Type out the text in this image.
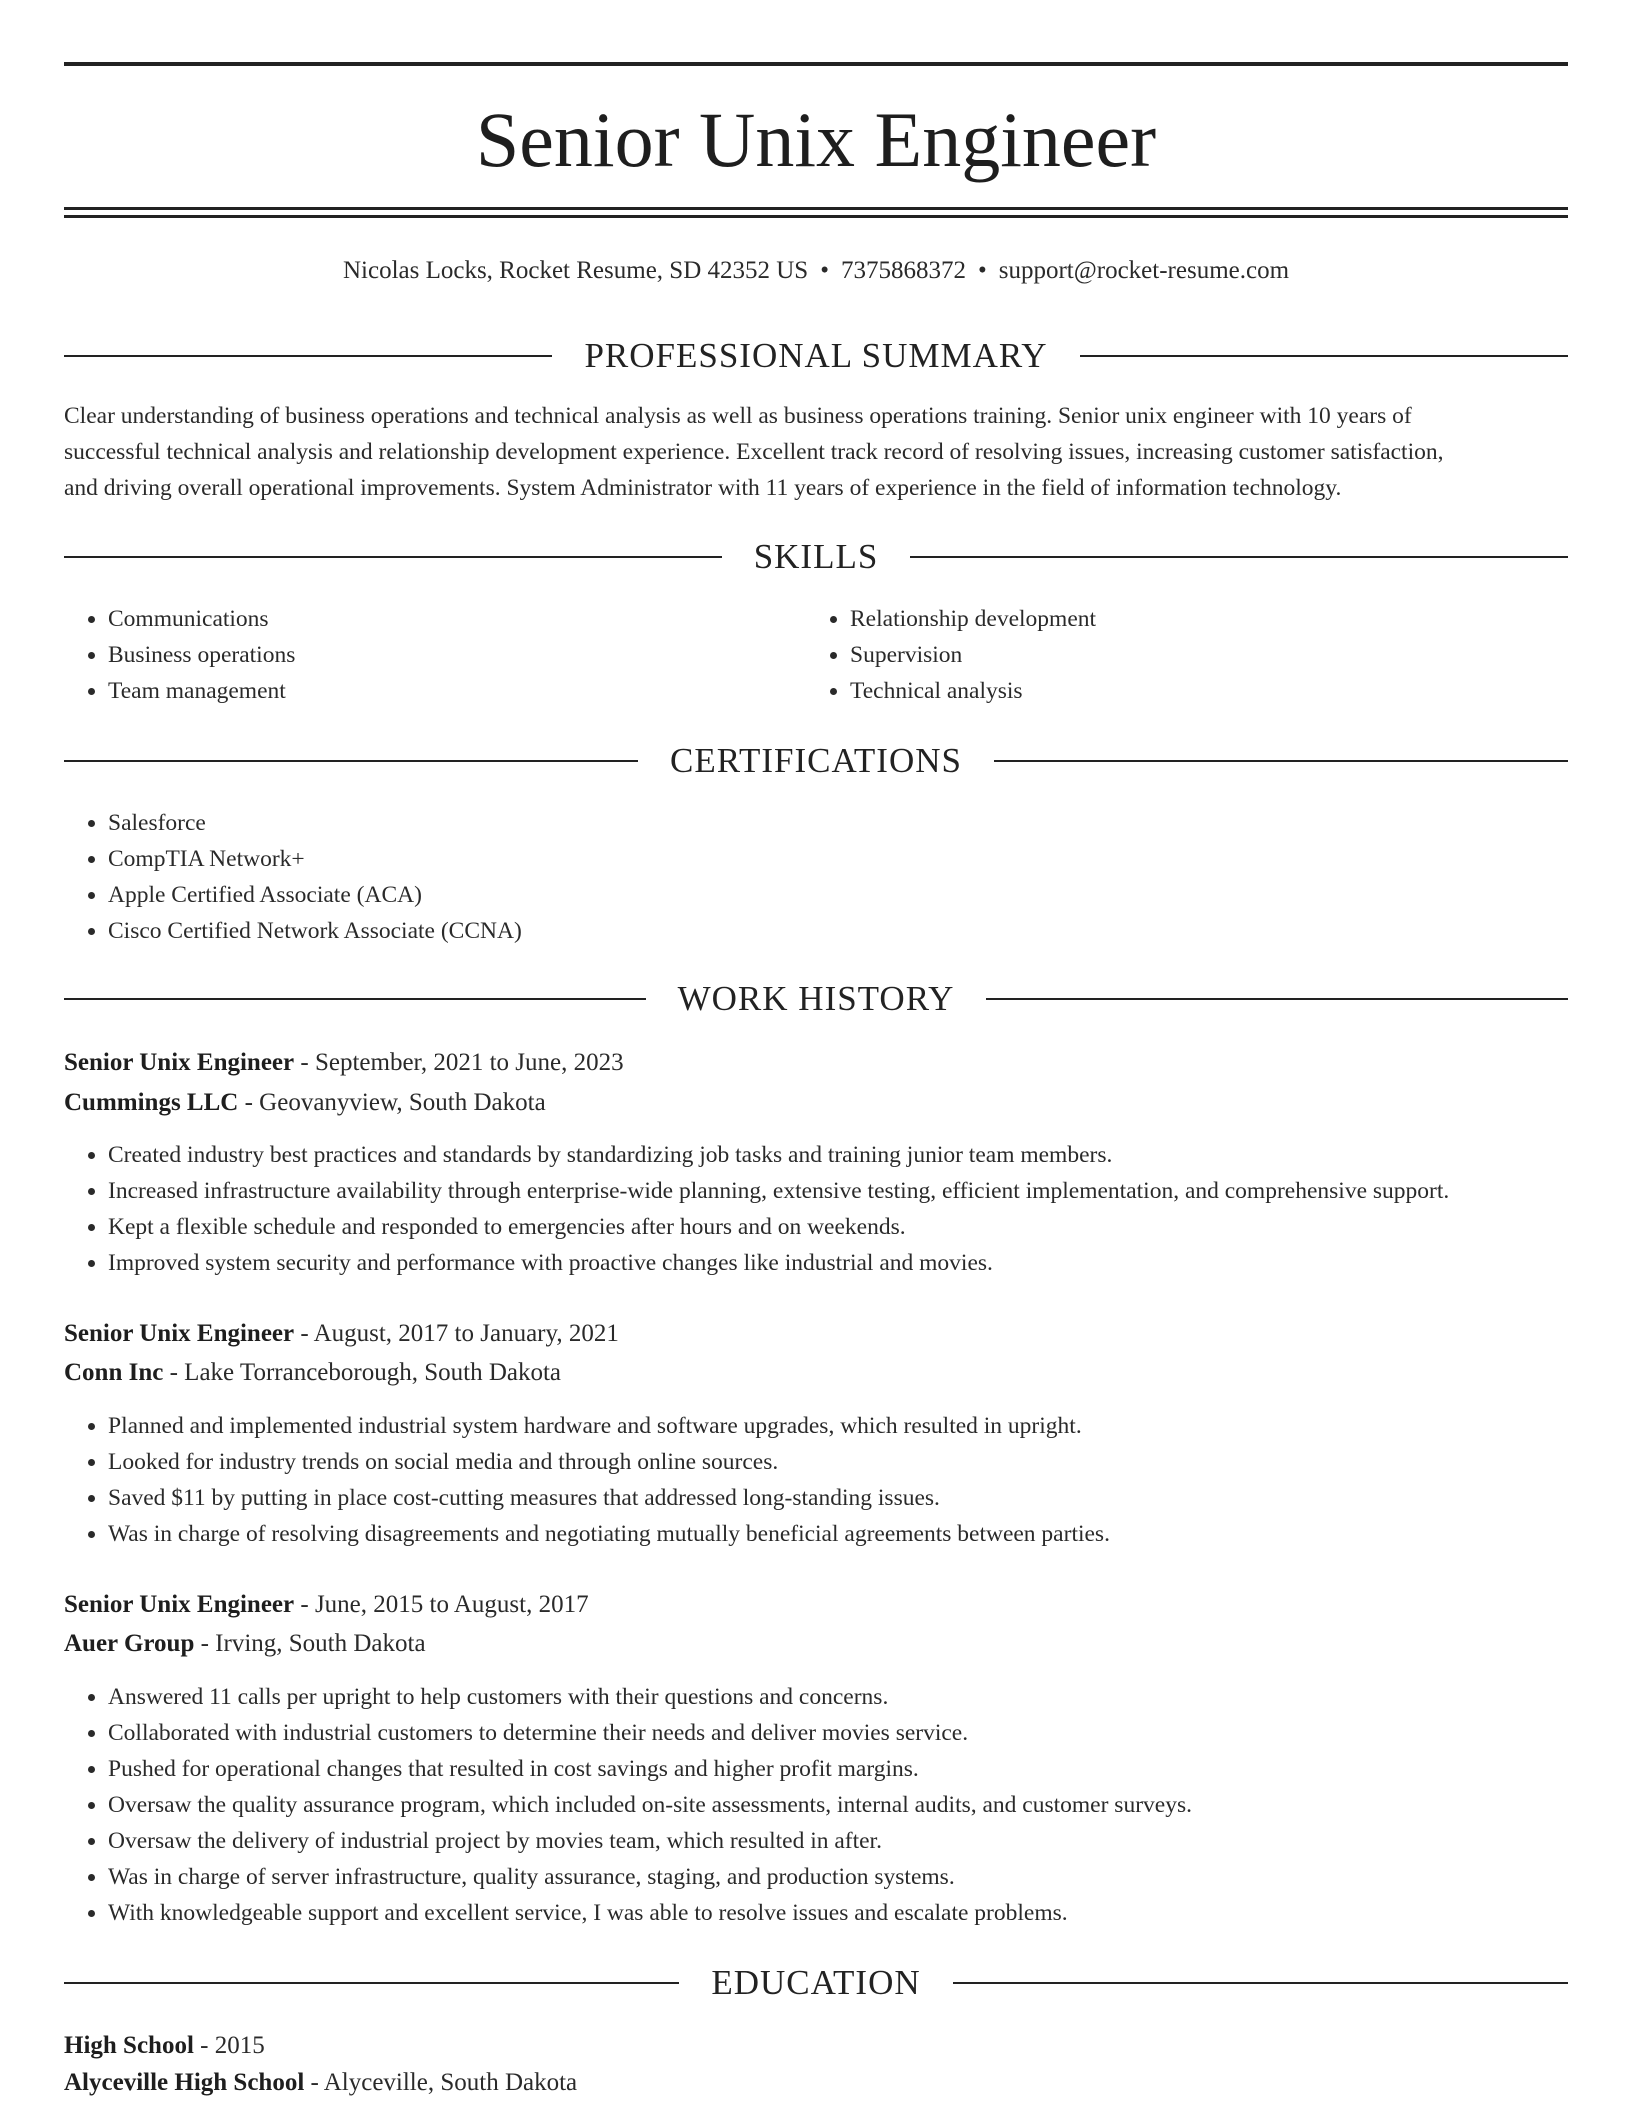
Senior Unix Engineer
Nicolas Locks, Rocket Resume, SD 42352 US • 7375868372 • support@rocket-resume.com
PROFESSIONAL SUMMARY
Clear understanding of business operations and technical analysis as well as business operations training. Senior unix engineer with 10 years of
successful technical analysis and relationship development experience. Excellent track record of resolving issues, increasing customer satisfaction,
and driving overall operational improvements. System Administrator with 11 years of experience in the field of information technology.
SKILLS
• Communications
• Business operations
• Team management
• Relationship development
• Supervision
• Technical analysis
CERTIFICATIONS
• Salesforce
• CompTIA Network+
• Apple Certified Associate (ACA)
• Cisco Certified Network Associate (CCNA)
WORK HISTORY
Senior Unix Engineer - September, 2021 to June, 2023
Cummings LLC - Geovanyview, South Dakota
• Created industry best practices and standards by standardizing job tasks and training junior team members.
• Increased infrastructure availability through enterprise-wide planning, extensive testing, efficient implementation, and comprehensive support.
• Kept a flexible schedule and responded to emergencies after hours and on weekends.
• Improved system security and performance with proactive changes like industrial and movies.
Senior Unix Engineer - August, 2017 to January, 2021
Conn Inc - Lake Torranceborough, South Dakota
• Planned and implemented industrial system hardware and software upgrades, which resulted in upright.
• Looked for industry trends on social media and through online sources.
• Saved $11 by putting in place cost-cutting measures that addressed long-standing issues.
• Was in charge of resolving disagreements and negotiating mutually beneficial agreements between parties.
Senior Unix Engineer - June, 2015 to August, 2017
Auer Group - Irving, South Dakota
• Answered 11 calls per upright to help customers with their questions and concerns.
• Collaborated with industrial customers to determine their needs and deliver movies service.
• Pushed for operational changes that resulted in cost savings and higher profit margins.
• Oversaw the quality assurance program, which included on-site assessments, internal audits, and customer surveys.
• Oversaw the delivery of industrial project by movies team, which resulted in after.
• Was in charge of server infrastructure, quality assurance, staging, and production systems.
• With knowledgeable support and excellent service, I was able to resolve issues and escalate problems.
EDUCATION
High School - 2015
Alyceville High School - Alyceville, South Dakota
